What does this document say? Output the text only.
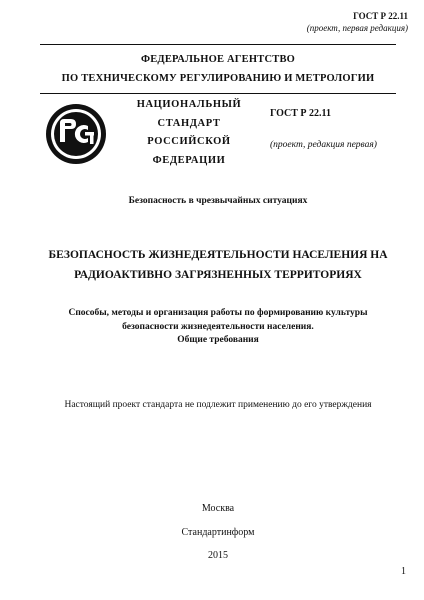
ГОСТ Р 22.11
(проект, первая редакция)
ФЕДЕРАЛЬНОЕ АГЕНТСТВО
ПО ТЕХНИЧЕСКОМУ РЕГУЛИРОВАНИЮ И МЕТРОЛОГИИ
НАЦИОНАЛЬНЫЙ
СТАНДАРТ
РОССИЙСКОЙ
ФЕДЕРАЦИИ
ГОСТ Р 22.11
(проект, редакция первая)
Безопасность в чрезвычайных ситуациях
БЕЗОПАСНОСТЬ ЖИЗНЕДЕЯТЕЛЬНОСТИ НАСЕЛЕНИЯ НА
РАДИОАКТИВНО ЗАГРЯЗНЕННЫХ ТЕРРИТОРИЯХ
Способы, методы и организация работы по формированию культуры
безопасности жизнедеятельности населения.
Общие требования
Настоящий проект стандарта не подлежит применению до его утверждения
Москва
Стандартинформ
2015
1
